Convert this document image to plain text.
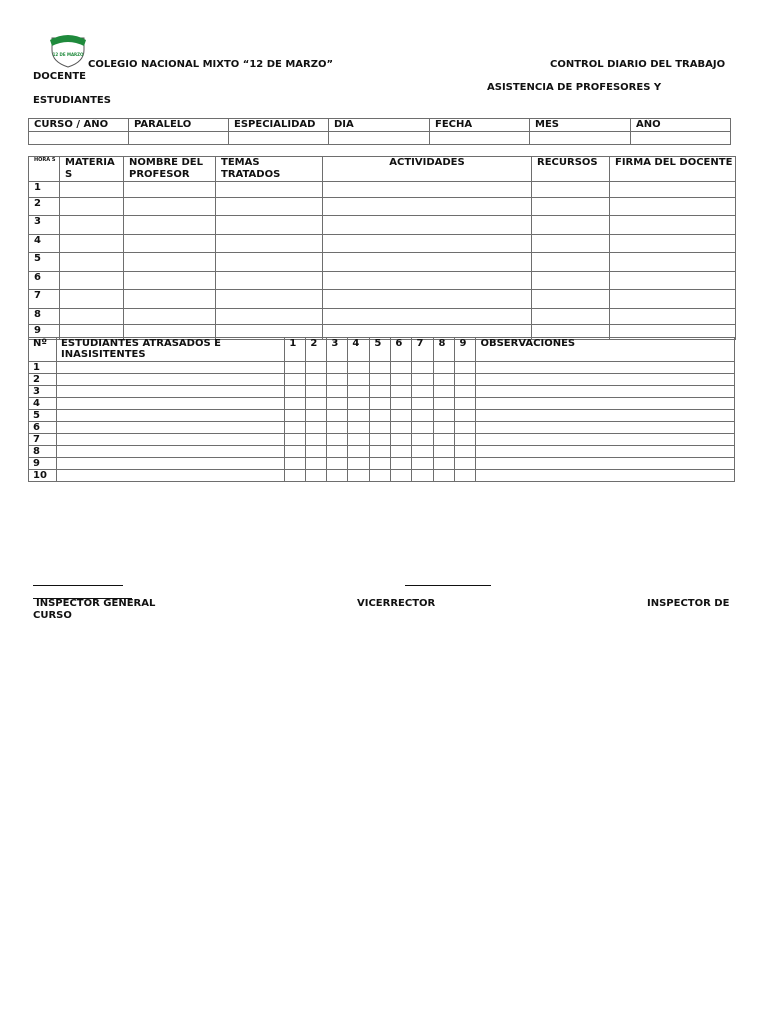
12 DE MARZO
COLEGIO NACIONAL MIXTO “12 DE MARZO”	CONTROL DIARIO DEL TRABAJO
DOCENTE
ASISTENCIA DE PROFESORES Y
ESTUDIANTES
CURSO / AÑO	PARALELO	ESPECIALIDAD	DIA	FECHA	MES	AÑO

HORA S	MATERIA S	NOMBRE DEL PROFESOR	TEMAS TRATADOS	ACTIVIDADES	RECURSOS	FIRMA DEL DOCENTE
1						
2						
3						
4						
5						
6						
7						
8						
9						
Nº	ESTUDIANTES ATRASADOS E INASISITENTES	1	2	3	4	5	6	7	8	9	OBSERVACIONES
1											
2											
3											
4											
5											
6											
7											
8											
9											
10											
INSPECTOR GENERAL	VICERRECTOR	INSPECTOR DE
CURSO
